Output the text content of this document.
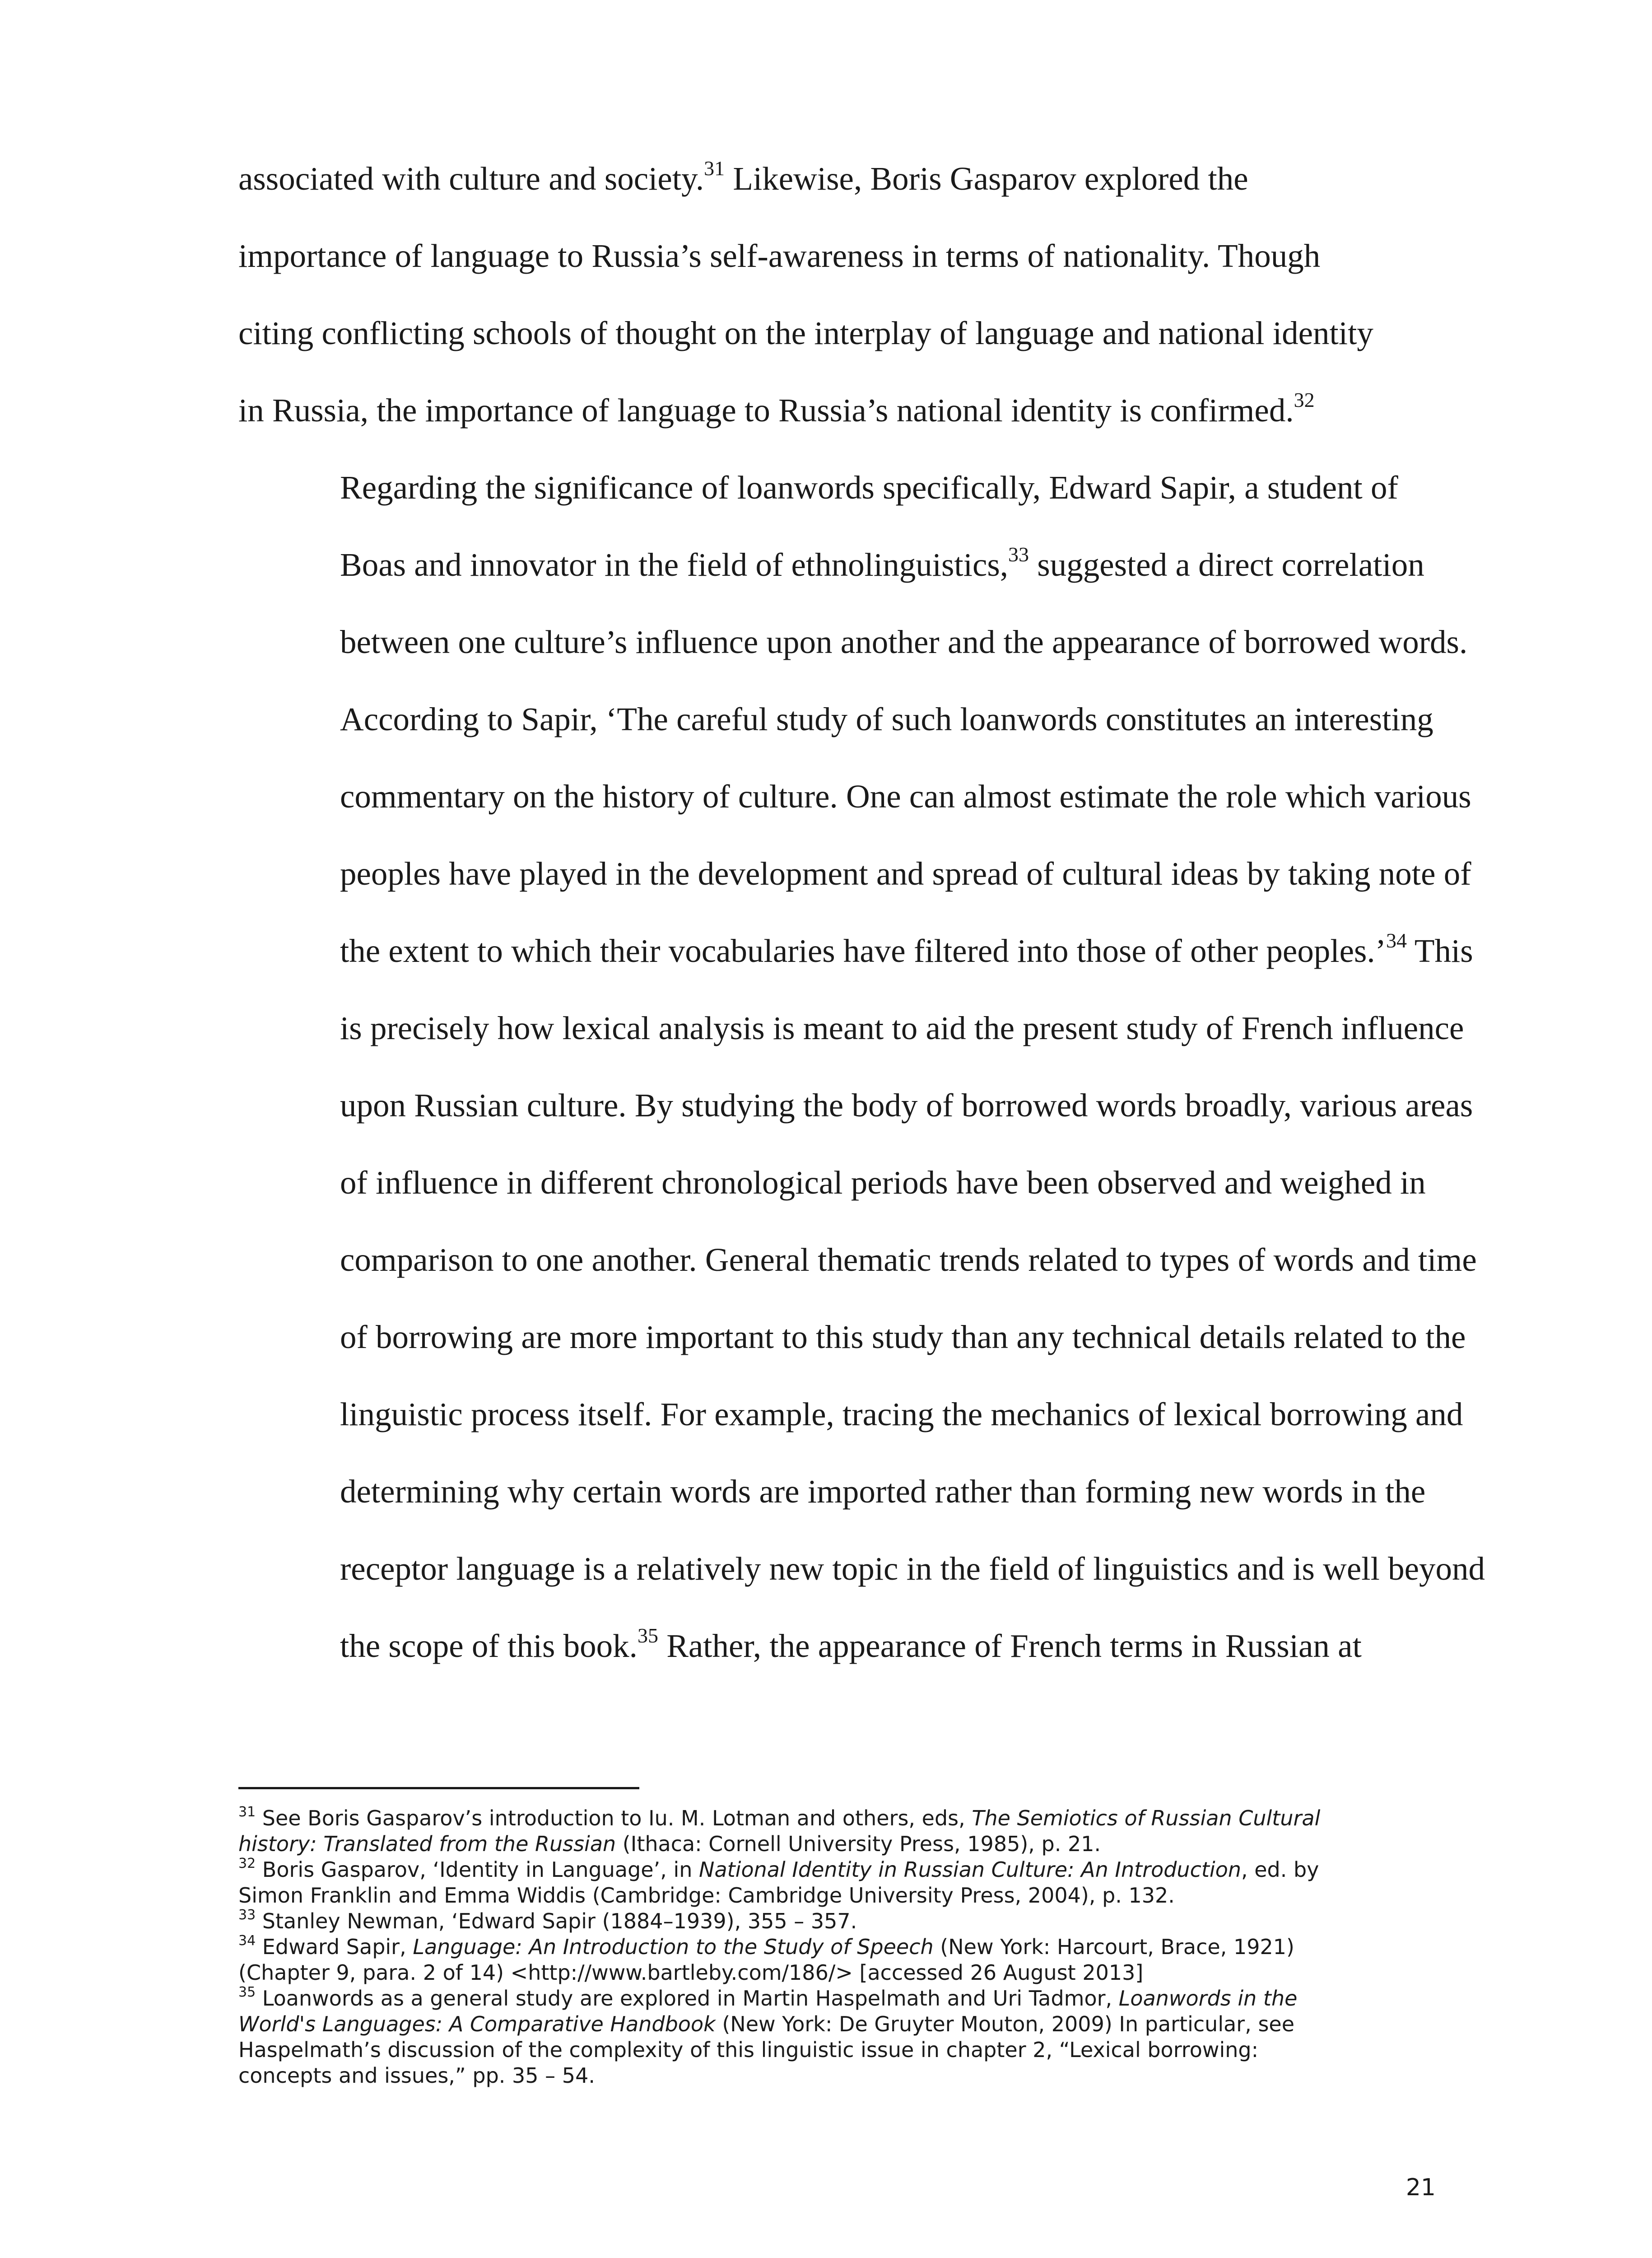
associated with culture and society.$^{31}$ Likewise, Boris Gasparov explored the
importance of language to Russia’s self-awareness in terms of nationality. Though
citing conflicting schools of thought on the interplay of language and national identity
in Russia, the importance of language to Russia’s national identity is confirmed.$^{32}$

Regarding the significance of loanwords specifically, Edward Sapir, a student of
Boas and innovator in the field of ethnolinguistics,$^{33}$ suggested a direct correlation
between one culture’s influence upon another and the appearance of borrowed words.
According to Sapir, ‘The careful study of such loanwords constitutes an interesting
commentary on the history of culture. One can almost estimate the role which various
peoples have played in the development and spread of cultural ideas by taking note of
the extent to which their vocabularies have filtered into those of other peoples.’$^{34}$ This
is precisely how lexical analysis is meant to aid the present study of French influence
upon Russian culture. By studying the body of borrowed words broadly, various areas
of influence in different chronological periods have been observed and weighed in
comparison to one another. General thematic trends related to types of words and time
of borrowing are more important to this study than any technical details related to the
linguistic process itself. For example, tracing the mechanics of lexical borrowing and
determining why certain words are imported rather than forming new words in the
receptor language is a relatively new topic in the field of linguistics and is well beyond
the scope of this book.$^{35}$ Rather, the appearance of French terms in Russian at

$^{31}$ See Boris Gasparov’s introduction to Iu. M. Lotman and others, eds, The Semiotics of Russian Cultural
history: Translated from the Russian (Ithaca: Cornell University Press, 1985), p. 21.
$^{32}$ Boris Gasparov, ‘Identity in Language’, in National Identity in Russian Culture: An Introduction, ed. by
Simon Franklin and Emma Widdis (Cambridge: Cambridge University Press, 2004), p. 132.
$^{33}$ Stanley Newman, ‘Edward Sapir (1884–1939), 355 – 357.
$^{34}$ Edward Sapir, Language: An Introduction to the Study of Speech (New York: Harcourt, Brace, 1921)
(Chapter 9, para. 2 of 14) <http://www.bartleby.com/186/> [accessed 26 August 2013]
$^{35}$ Loanwords as a general study are explored in Martin Haspelmath and Uri Tadmor, Loanwords in the
World's Languages: A Comparative Handbook (New York: De Gruyter Mouton, 2009) In particular, see
Haspelmath’s discussion of the complexity of this linguistic issue in chapter 2, “Lexical borrowing:
concepts and issues,” pp. 35 – 54.
21
